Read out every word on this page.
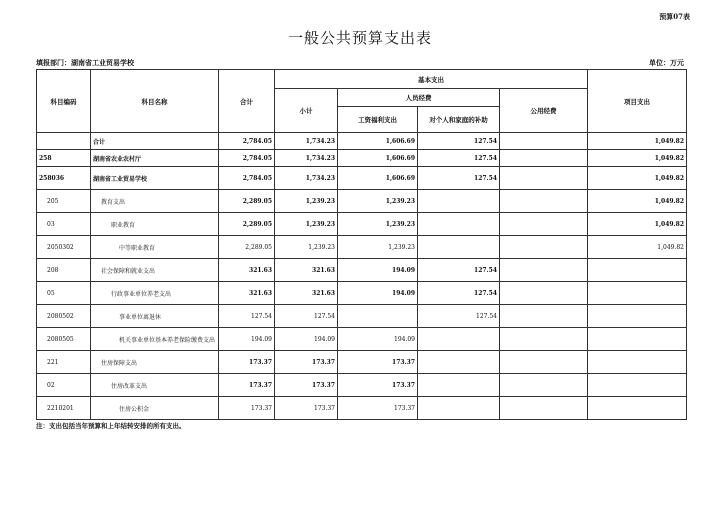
预算07表
一般公共预算支出表
填报部门：湖南省工业贸易学校	单位：万元
科目编码	科目名称	合计	基本支出				项目支出
			小计	人员经费		公用经费	
				工资福利支出	对个人和家庭的补助		
	合计	2,784.05	1,734.23	1,606.69	127.54		1,049.82
258	湖南省农业农村厅	2,784.05	1,734.23	1,606.69	127.54		1,049.82
258036	湖南省工业贸易学校	2,784.05	1,734.23	1,606.69	127.54		1,049.82
205	教育支出	2,289.05	1,239.23	1,239.23			1,049.82
03	职业教育	2,289.05	1,239.23	1,239.23			1,049.82
2050302	中等职业教育	2,289.05	1,239.23	1,239.23			1,049.82
208	社会保障和就业支出	321.63	321.63	194.09	127.54		
05	行政事业单位养老支出	321.63	321.63	194.09	127.54		
2080502	事业单位离退休	127.54	127.54		127.54		
2080505	机关事业单位基本养老保险缴费支出	194.09	194.09	194.09			
221	住房保障支出	173.37	173.37	173.37			
02	住房改革支出	173.37	173.37	173.37			
2210201	住房公积金	173.37	173.37	173.37			
注：支出包括当年预算和上年结转安排的所有支出。
